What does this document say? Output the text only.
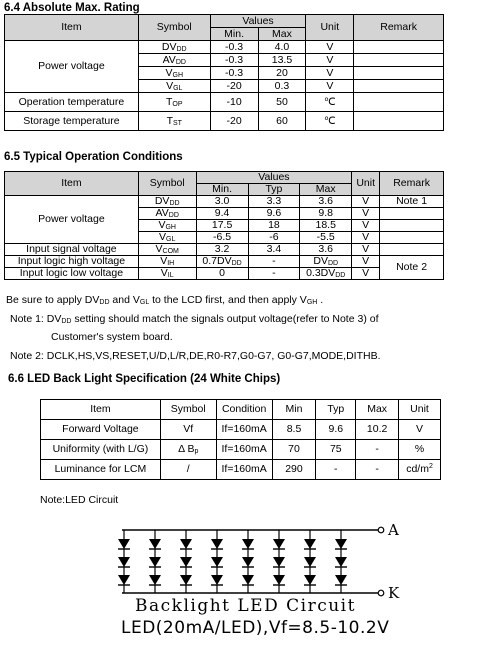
6.4 Absolute Max. Rating
Item	Symbol	Values		Unit	Remark
		Min.	Max		
Power voltage	$DV_{DD}$	-0.3	4.0	V	
	$AV_{DD}$	-0.3	13.5	V	
	$V_{GH}$	-0.3	20	V	
	$V_{GL}$	-20	0.3	V	
Operation temperature	$T_{OP}$	-10	50	℃	
Storage temperature	$T_{ST}$	-20	60	℃	
6.5 Typical Operation Conditions
Item	Symbol	Values			Unit	Remark
		Min.	Typ	Max		
Power voltage	$DV_{DD}$	3.0	3.3	3.6	V	Note 1
	$AV_{DD}$	9.4	9.6	9.8	V	
	$V_{GH}$	17.5	18	18.5	V	
	$V_{GL}$	-6.5	-6	-5.5	V	
Input signal voltage	$V_{COM}$	3.2	3.4	3.6	V	
Input logic high voltage	$V_{IH}$	$0.7DV_{DD}$	-	$DV_{DD}$	V	Note 2
Input logic low voltage	$V_{IL}$	0	-	$0.3DV_{DD}$	V	
Be sure to apply $DV_{DD}$ and $V_{GL}$ to the LCD first, and then apply $V_{GH}$ .
Note 1: $DV_{DD}$ setting should match the signals output voltage(refer to Note 3) of
Customer's system board.
Note 2: DCLK,HS,VS,RESET,U/D,L/R,DE,R0-R7,G0-G7, G0-G7,MODE,DITHB.
6.6 LED Back Light Specification (24 White Chips)
Item	Symbol	Condition	Min	Typ	Max	Unit
Forward Voltage	Vf	If=160mA	8.5	9.6	10.2	V
Uniformity (with L/G)	Δ $B_p$	If=160mA	70	75	-	%
Luminance for LCM	/	If=160mA	290	-	-	$cd/m^2$
Note:LED Circuit
A
K
Backlight LED Circuit
LED(20mA/LED),Vf=8.5-10.2V
